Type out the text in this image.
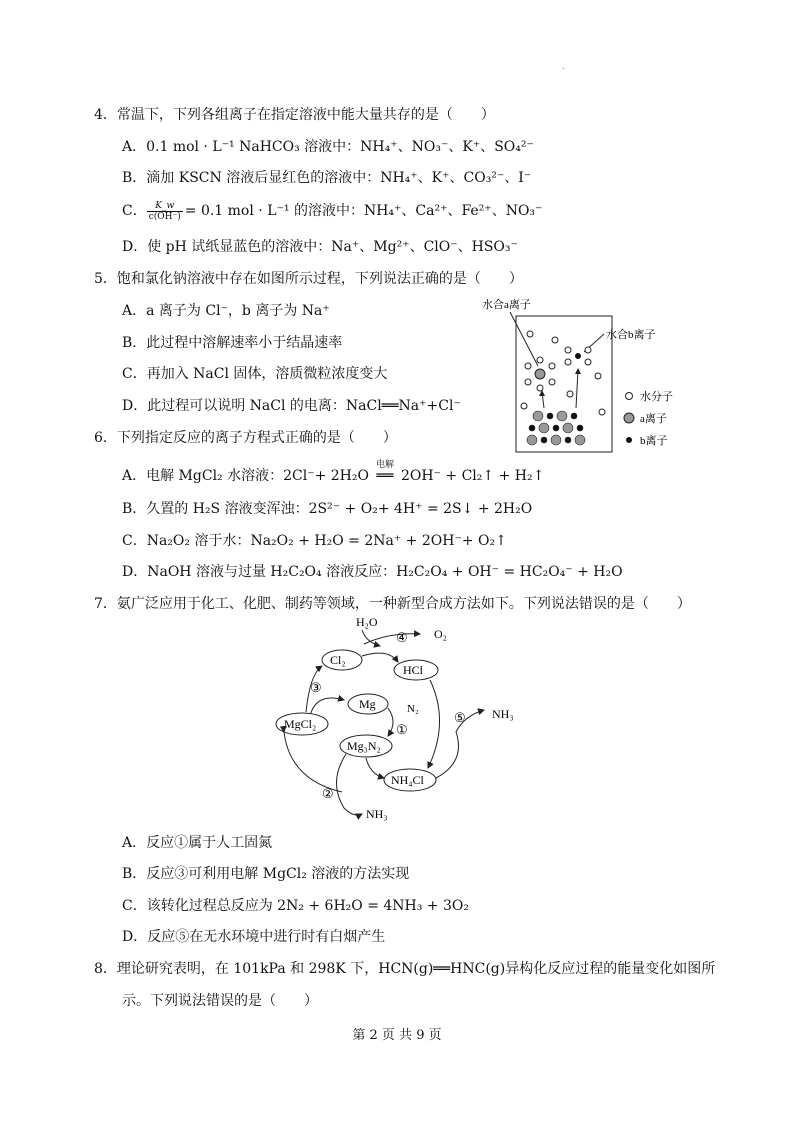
.
4．常温下，下列各组离子在指定溶液中能大量共存的是（　　）
A．0.1 mol · L⁻¹ NaHCO₃ 溶液中：NH₄⁺、NO₃⁻、K⁺、SO₄²⁻
B．滴加 KSCN 溶液后显红色的溶液中：NH₄⁺、K⁺、CO₃²⁻、I⁻
C． $\frac{K\_w}{c(OH^-)} = 0.1$ mol · L⁻¹ 的溶液中：NH₄⁺、Ca²⁺、Fe²⁺、NO₃⁻
D．使 pH 试纸显蓝色的溶液中：Na⁺、Mg²⁺、ClO⁻、HSO₃⁻
5．饱和氯化钠溶液中存在如图所示过程，下列说法正确的是（　　）
A．a 离子为 Cl⁻，b 离子为 Na⁺
B．此过程中溶解速率小于结晶速率
C．再加入 NaCl 固体，溶质微粒浓度变大
D．此过程可以说明 NaCl 的电离：NaCl══Na⁺+Cl⁻
水合a离子
水合b离子
水分子
a离子
b离子
6．下列指定反应的离子方程式正确的是（　　）
A．电解 MgCl₂ 水溶液：2Cl⁻+ 2H₂O
电解
══ 2OH⁻ + Cl₂↑ + H₂↑
B．久置的 H₂S 溶液变浑浊：2S²⁻ + O₂+ 4H⁺ = 2S↓ + 2H₂O
C．Na₂O₂ 溶于水：Na₂O₂ + H₂O = 2Na⁺ + 2OH⁻+ O₂↑
D．NaOH 溶液与过量 H₂C₂O₄ 溶液反应：H₂C₂O₄ + OH⁻ = HC₂O₄⁻ + H₂O
7．氨广泛应用于化工、化肥、制药等领域，一种新型合成方法如下。下列说法错误的是（　　）
H₂O
O₂
④
Cl₂
HCl
Mg
③
N₂
①
MgCl₂
Mg₃N₂
NH₄Cl
⑤ NH₃
②
NH₃
A．反应①属于人工固氮
B．反应③可利用电解 MgCl₂ 溶液的方法实现
C．该转化过程总反应为 2N₂ + 6H₂O = 4NH₃ + 3O₂
D．反应⑤在无水环境中进行时有白烟产生
8．理论研究表明，在 101kPa 和 298K 下，HCN(g)══HNC(g)异构化反应过程的能量变化如图所
示。下列说法错误的是（　　）
第 2 页 共 9 页
